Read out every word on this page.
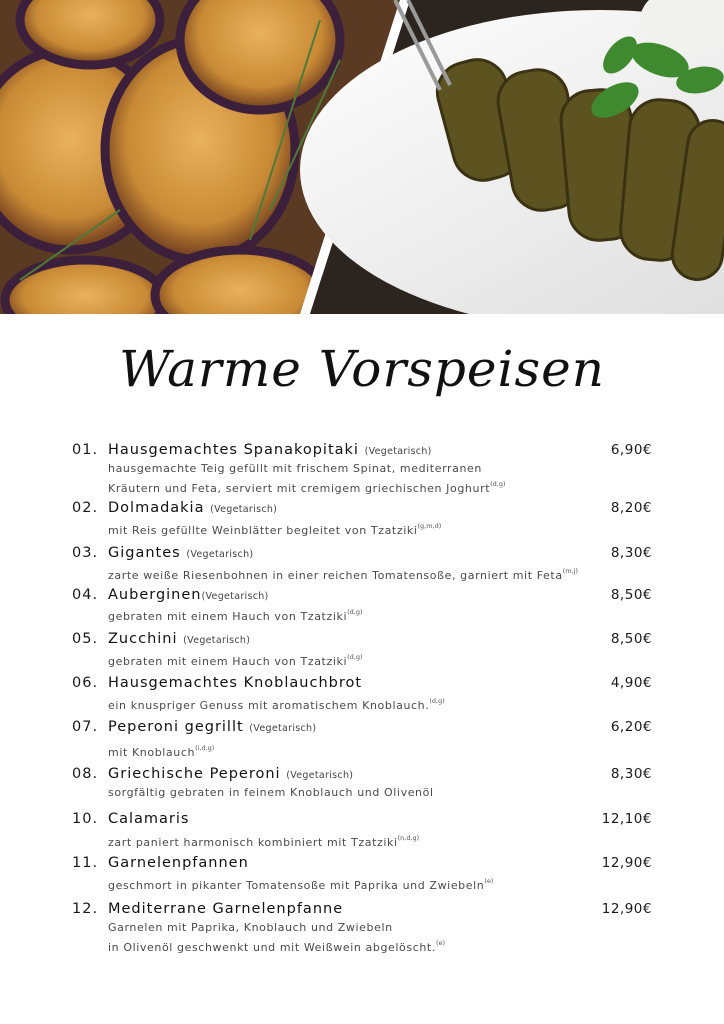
Warme Vorspeisen
01. Hausgemachtes Spanakopitaki (Vegetarisch)	6,90€
hausgemachte Teig gefüllt mit frischem Spinat, mediterranen
Kräutern und Feta, serviert mit cremigem griechischen Joghurt$^{(d,g)}$
02. Dolmadakia (Vegetarisch)	8,20€
mit Reis gefüllte Weinblätter begleitet von Tzatziki$^{(g,m,d)}$
03. Gigantes (Vegetarisch)	8,30€
zarte weiße Riesenbohnen in einer reichen Tomatensoße, garniert mit Feta$^{(m,j)}$
04. Auberginen(Vegetarisch)	8,50€
gebraten mit einem Hauch von Tzatziki$^{(d,g)}$
05. Zucchini (Vegetarisch)	8,50€
gebraten mit einem Hauch von Tzatziki$^{(d,g)}$
06. Hausgemachtes Knoblauchbrot	4,90€
ein knuspriger Genuss mit aromatischem Knoblauch.$^{(d,g)}$
07. Peperoni gegrillt (Vegetarisch)	6,20€
mit Knoblauch$^{(i,d,g)}$
08. Griechische Peperoni (Vegetarisch)	8,30€
sorgfältig gebraten in feinem Knoblauch und Olivenöl
10. Calamaris	12,10€
zart paniert harmonisch kombiniert mit Tzatziki$^{(n,d,g)}$
11. Garnelenpfannen	12,90€
geschmort in pikanter Tomatensoße mit Paprika und Zwiebeln$^{(e)}$
12. Mediterrane Garnelenpfanne	12,90€
Garnelen mit Paprika, Knoblauch und Zwiebeln
in Olivenöl geschwenkt und mit Weißwein abgelöscht.$^{(e)}$
